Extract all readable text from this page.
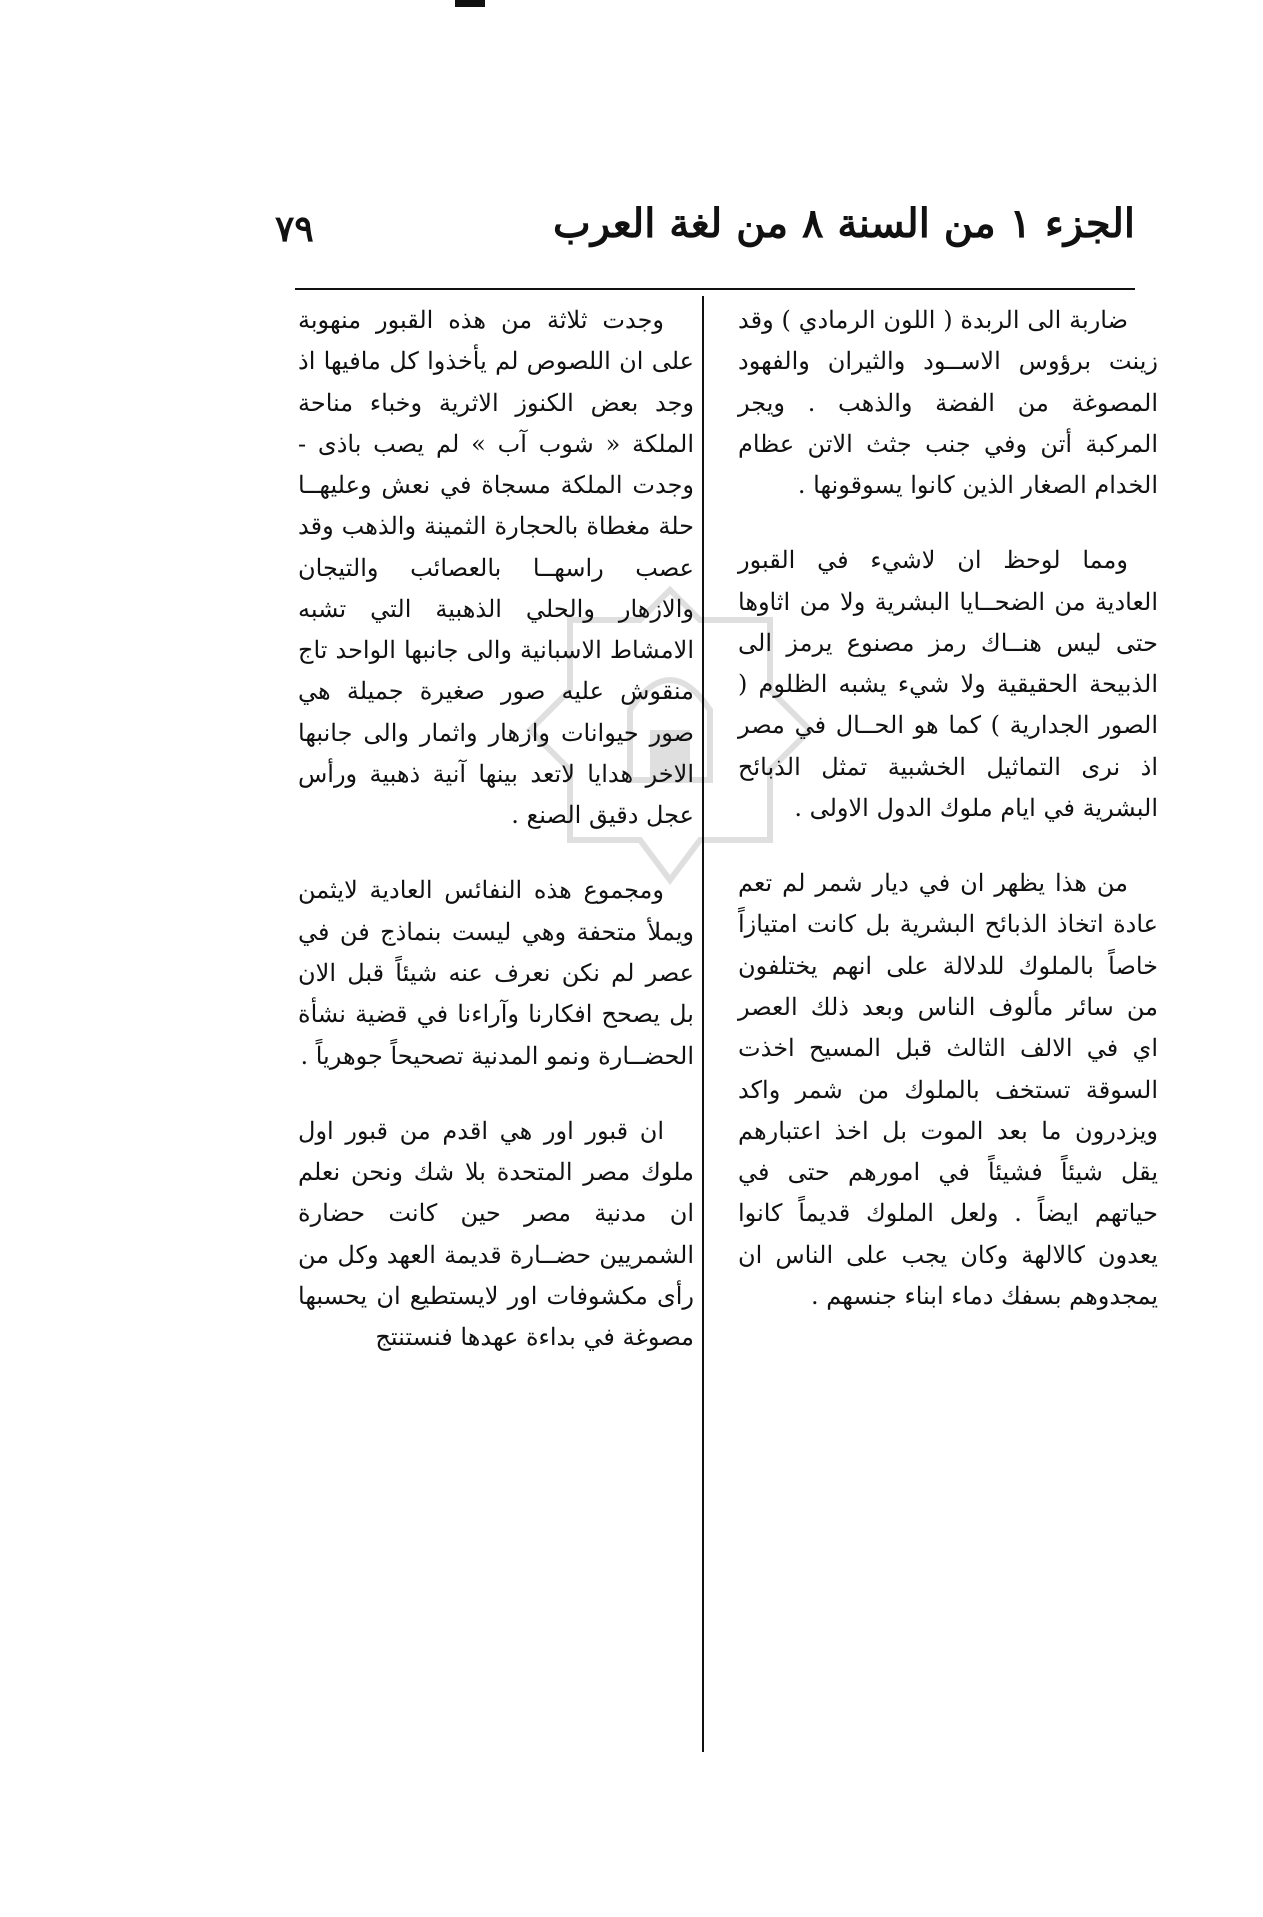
الجزء ١ من السنة ٨ من لغة العرب
٧٩

ضاربة الى الربدة ( اللون الرمادي ) وقد زينت برؤوس الاســود والثيران والفهود المصوغة من الفضة والذهب . ويجر المركبة أتن وفي جنب جثث الاتن عظام الخدام الصغار الذين كانوا يسوقونها .

ومما لوحظ ان لاشيء في القبور العادية من الضحــايا البشرية ولا من اثاوها حتى ليس هنــاك رمز مصنوع يرمز الى الذبيحة الحقيقية ولا شيء يشبه الظلوم ( الصور الجدارية ) كما هو الحــال في مصر اذ نرى التماثيل الخشبية تمثل الذبائح البشرية في ايام ملوك الدول الاولى .

من هذا يظهر ان في ديار شمر لم تعم عادة اتخاذ الذبائح البشرية بل كانت امتيازاً خاصاً بالملوك للدلالة على انهم يختلفون من سائر مألوف الناس وبعد ذلك العصر اي في الالف الثالث قبل المسيح اخذت السوقة تستخف بالملوك من شمر واكد ويزدرون ما بعد الموت بل اخذ اعتبارهم يقل شيئاً فشيئاً في امورهم حتى في حياتهم ايضاً . ولعل الملوك قديماً كانوا يعدون كالالهة وكان يجب على الناس ان يمجدوهم بسفك دماء ابناء جنسهم .

وجدت ثلاثة من هذه القبور منهوبة على ان اللصوص لم يأخذوا كل مافيها اذ وجد بعض الكنوز الاثرية وخباء مناحة الملكة « شوب آب » لم يصب باذى - وجدت الملكة مسجاة في نعش وعليهــا حلة مغطاة بالحجارة الثمينة والذهب وقد عصب راسهــا بالعصائب والتيجان والازهار والحلي الذهبية التي تشبه الامشاط الاسبانية والى جانبها الواحد تاج منقوش عليه صور صغيرة جميلة هي صور حيوانات وازهار واثمار والى جانبها الاخر هدايا لاتعد بينها آنية ذهبية ورأس عجل دقيق الصنع .

ومجموع هذه النفائس العادية لايثمن ويملأ متحفة وهي ليست بنماذج فن في عصر لم نكن نعرف عنه شيئاً قبل الان بل يصحح افكارنا وآراءنا في قضية نشأة الحضــارة ونمو المدنية تصحيحاً جوهرياً .

ان قبور اور هي اقدم من قبور اول ملوك مصر المتحدة بلا شك ونحن نعلم ان مدنية مصر حين كانت حضارة الشمريين حضــارة قديمة العهد وكل من رأى مكشوفات اور لايستطيع ان يحسبها مصوغة في بداءة عهدها فنستنتج
